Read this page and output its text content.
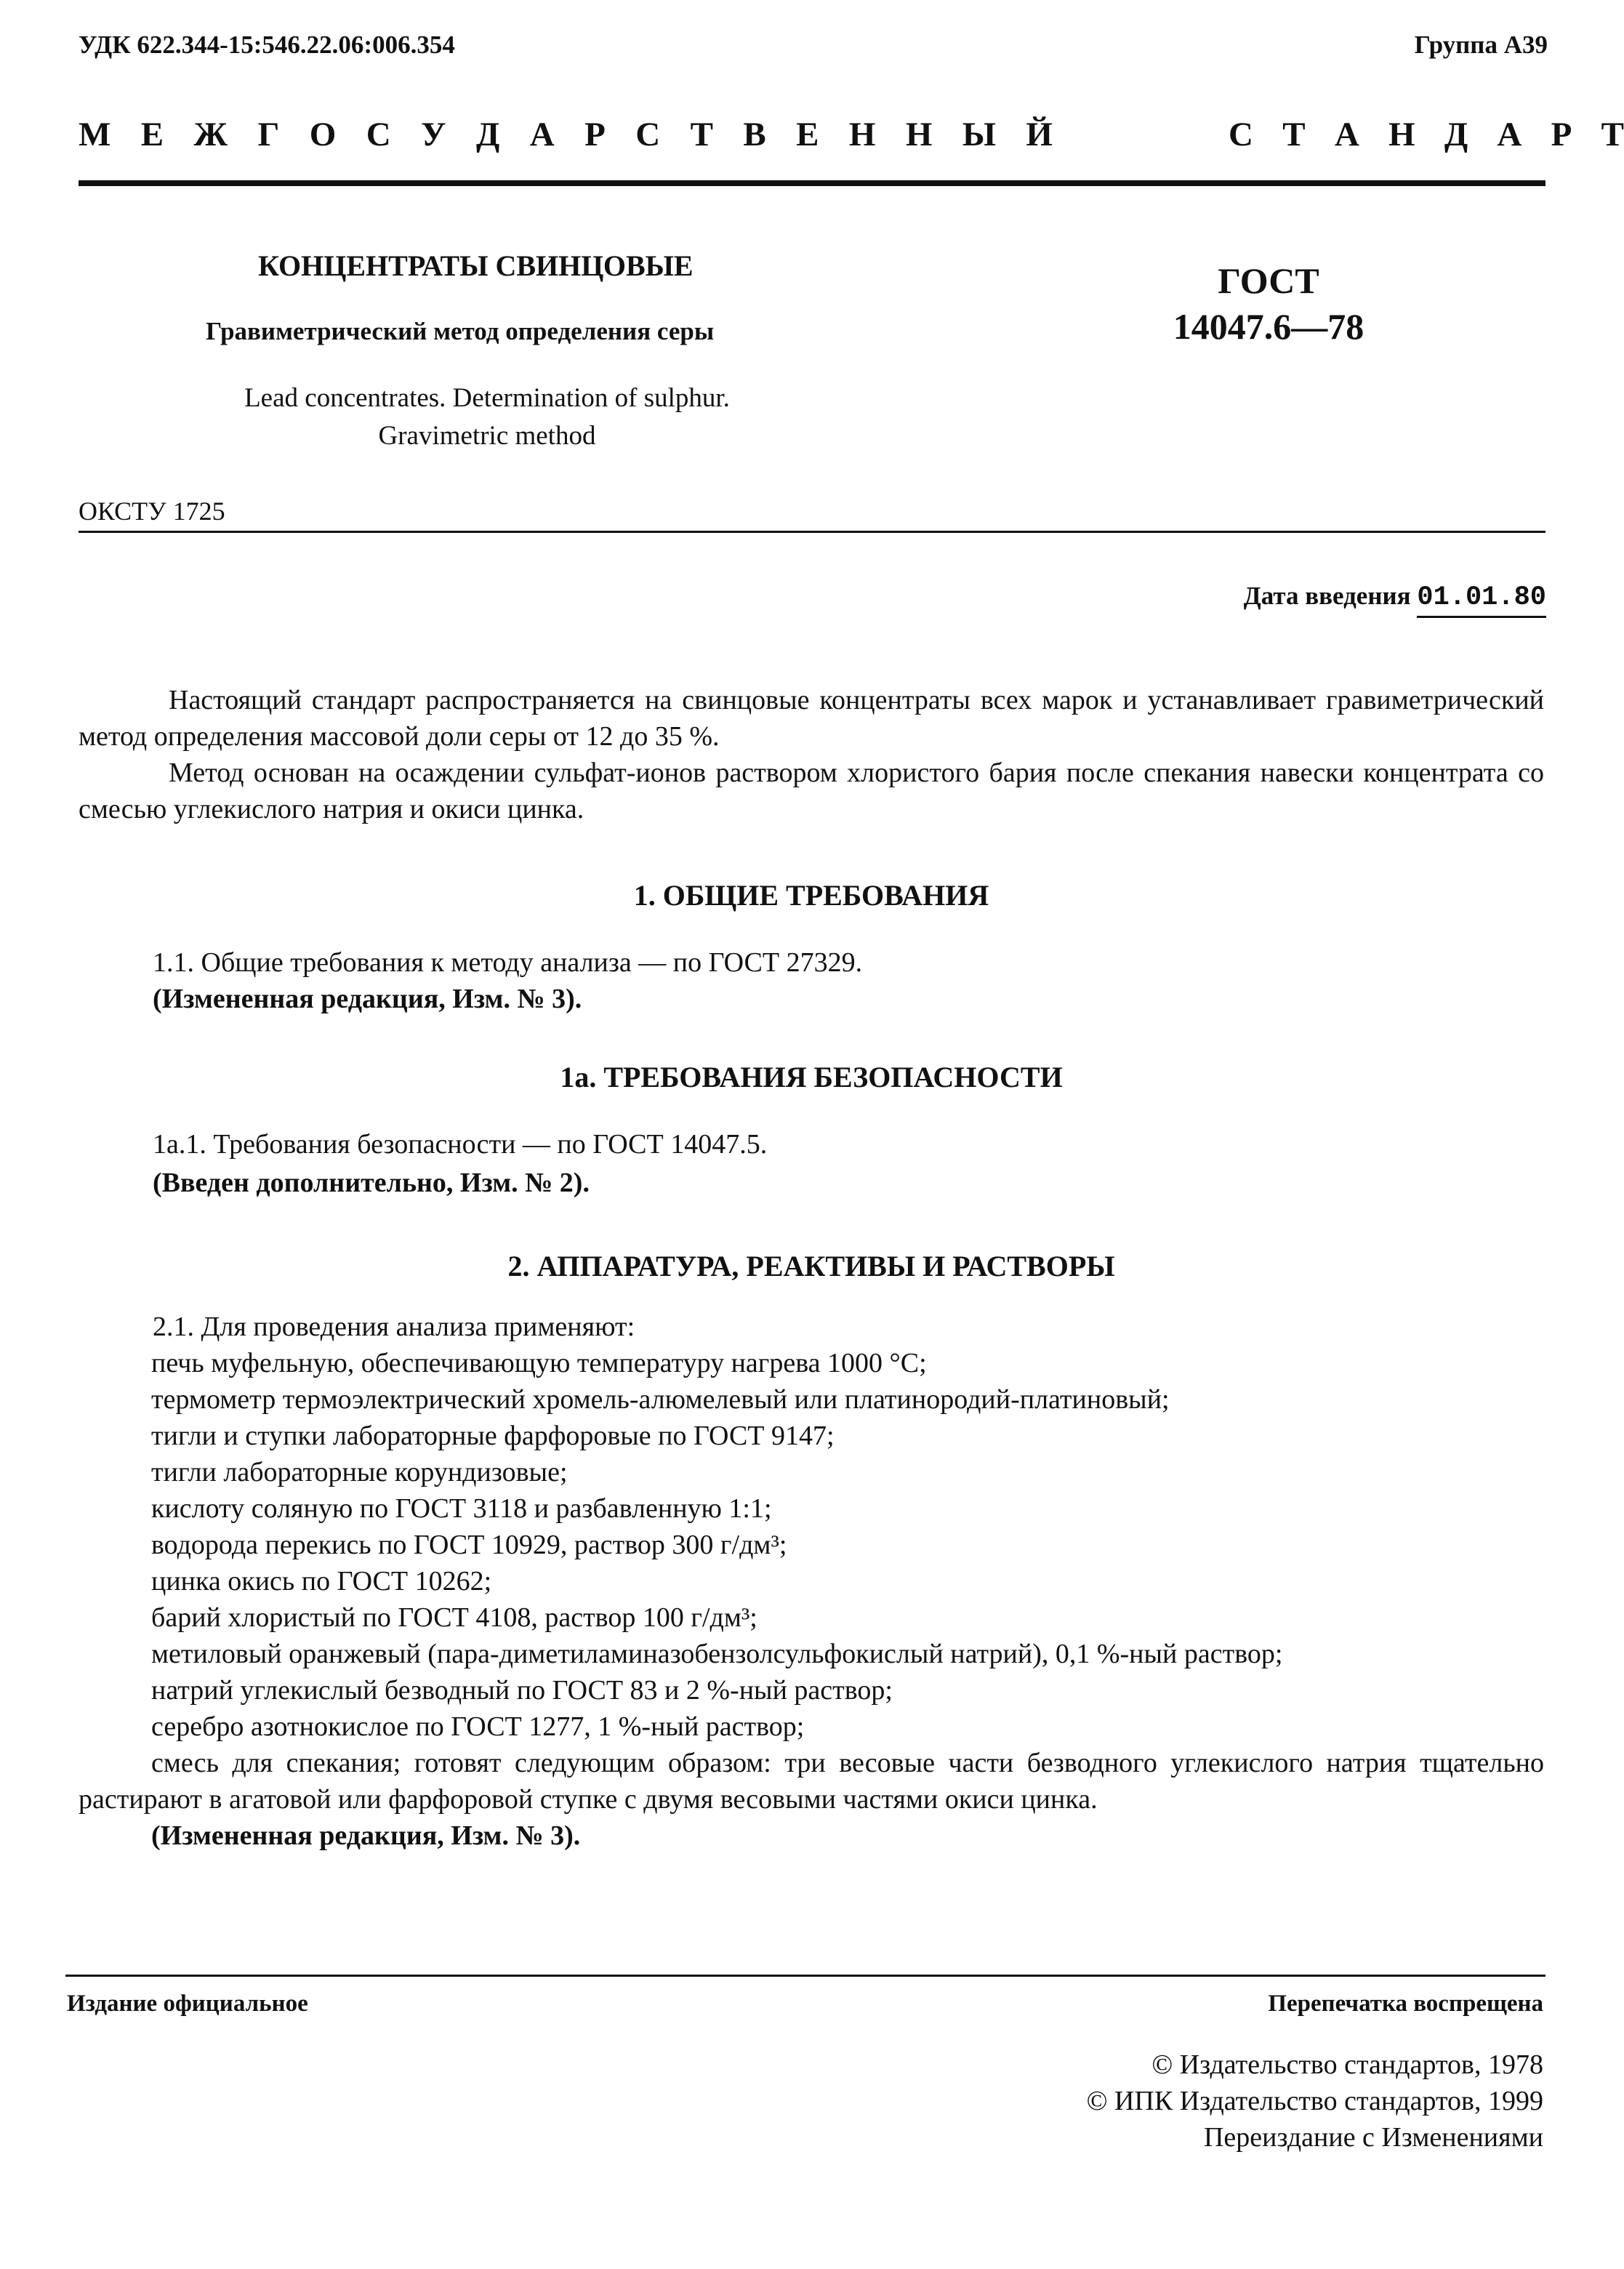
УДК 622.344-15:546.22.06:006.354	Группа А39
М Е Ж Г О С У Д А Р С Т В Е Н Н Ы Й	С Т А Н Д А Р Т
КОНЦЕНТРАТЫ СВИНЦОВЫЕ
Гравиметрический метод определения серы
Lead concentrates. Determination of sulphur.
Gravimetric method
ГОСТ
14047.6—78
ОКСТУ 1725
Дата введения 01.01.80

Настоящий стандарт распространяется на свинцовые концентраты всех марок и устанавливает гравиметрический метод определения массовой доли серы от 12 до 35 %.

Метод основан на осаждении сульфат-ионов раствором хлористого бария после спекания навески концентрата со смесью углекислого натрия и окиси цинка.

1. ОБЩИЕ ТРЕБОВАНИЯ
1.1. Общие требования к методу анализа — по ГОСТ 27329.
(Измененная редакция, Изм. № 3).
1а. ТРЕБОВАНИЯ БЕЗОПАСНОСТИ
1а.1. Требования безопасности — по ГОСТ 14047.5.
(Введен дополнительно, Изм. № 2).
2. АППАРАТУРА, РЕАКТИВЫ И РАСТВОРЫ
2.1. Для проведения анализа применяют:
печь муфельную, обеспечивающую температуру нагрева 1000 °С;
термометр термоэлектрический хромель-алюмелевый или платинородий-платиновый;
тигли и ступки лабораторные фарфоровые по ГОСТ 9147;
тигли лабораторные корундизовые;
кислоту соляную по ГОСТ 3118 и разбавленную 1:1;
водорода перекись по ГОСТ 10929, раствор 300 г/дм³;
цинка окись по ГОСТ 10262;
барий хлористый по ГОСТ 4108, раствор 100 г/дм³;
метиловый оранжевый (пара-диметиламиназобензолсульфокислый натрий), 0,1 %-ный раствор;
натрий углекислый безводный по ГОСТ 83 и 2 %-ный раствор;
серебро азотнокислое по ГОСТ 1277, 1 %-ный раствор;
смесь для спекания; готовят следующим образом: три весовые части безводного углекислого натрия тщательно растирают в агатовой или фарфоровой ступке с двумя весовыми частями окиси цинка.
(Измененная редакция, Изм. № 3).
Издание официальное	Перепечатка воспрещена
© Издательство стандартов, 1978
© ИПК Издательство стандартов, 1999
Переиздание с Изменениями
